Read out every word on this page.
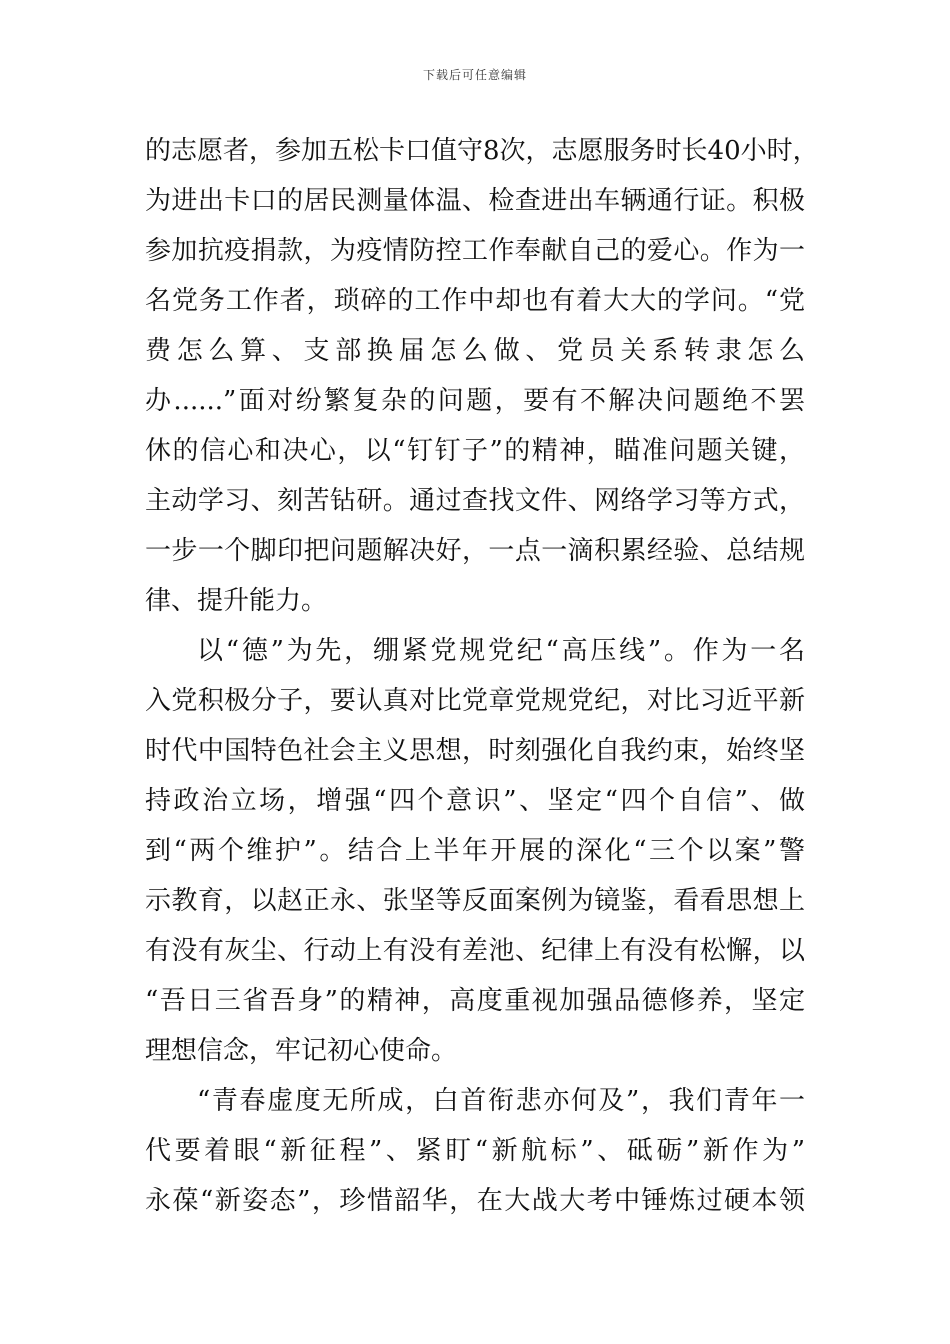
下载后可任意编辑
的志愿者，参加五松卡口值守8次，志愿服务时长40小时，
为进出卡口的居民测量体温、检查进出车辆通行证。积极
参加抗疫捐款，为疫情防控工作奉献自己的爱心。作为一
名党务工作者，琐碎的工作中却也有着大大的学问。“党
费怎么算、支部换届怎么做、党员关系转隶怎么
办......”面对纷繁复杂的问题，要有不解决问题绝不罢
休的信心和决心，以“钉钉子”的精神，瞄准问题关键，
主动学习、刻苦钻研。通过查找文件、网络学习等方式，
一步一个脚印把问题解决好，一点一滴积累经验、总结规
律、提升能力。
以“德”为先，绷紧党规党纪“高压线”。作为一名
入党积极分子，要认真对比党章党规党纪，对比习近平新
时代中国特色社会主义思想，时刻强化自我约束，始终坚
持政治立场，增强“四个意识”、坚定“四个自信”、做
到“两个维护”。结合上半年开展的深化“三个以案”警
示教育，以赵正永、张坚等反面案例为镜鉴，看看思想上
有没有灰尘、行动上有没有差池、纪律上有没有松懈，以
“吾日三省吾身”的精神，高度重视加强品德修养，坚定
理想信念，牢记初心使命。
“青春虚度无所成，白首衔悲亦何及”，我们青年一
代要着眼“新征程”、紧盯“新航标”、砥砺”新作为”
永葆“新姿态”，珍惜韶华，在大战大考中锤炼过硬本领
